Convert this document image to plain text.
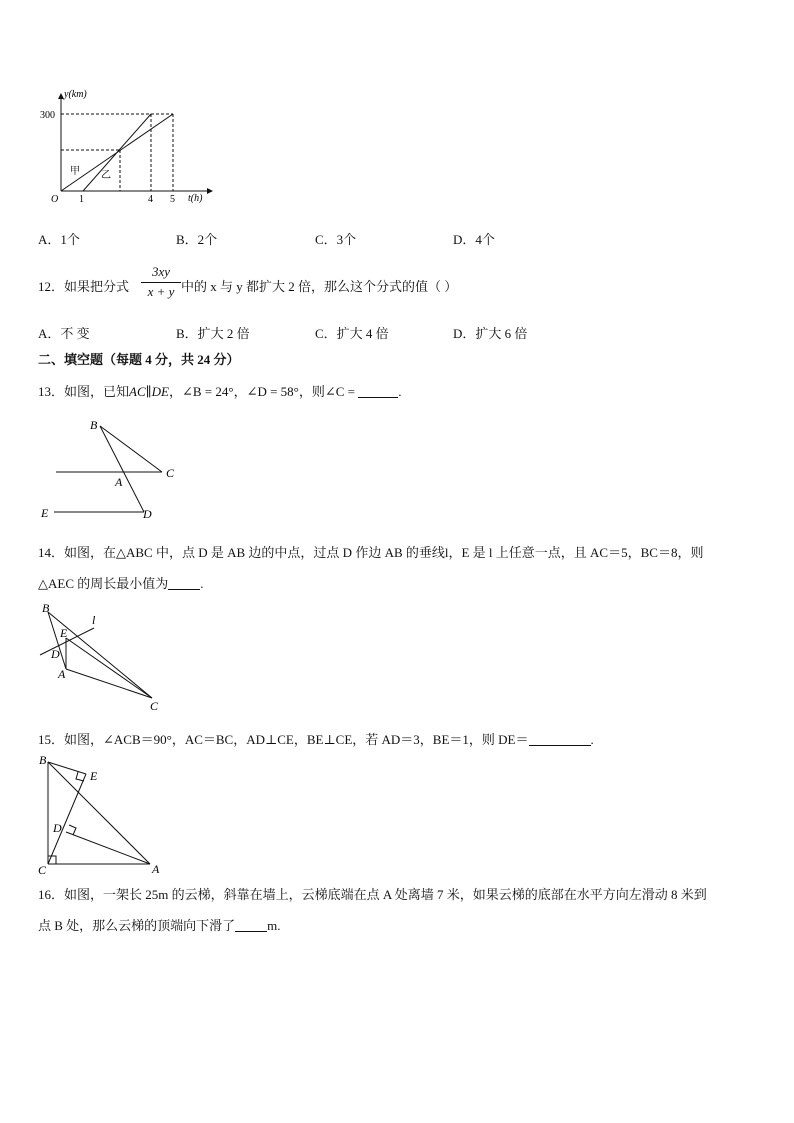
y(km)
300
O 1	4 5 t(h)
甲 乙
A．1个	B．2个	C．3个	D．4个
12．如果把分式
3xy
x + y 中的 x 与 y 都扩大 2 倍，那么这个分式的值（ ）
A．不 变	B．扩大 2 倍	C．扩大 4 倍	D．扩大 6 倍
二、填空题（每题 4 分，共 24 分）
13．如图，已知AC∥DE，∠B = 24°，∠D = 58°，则∠C =	.
B
C
A
E	D
14．如图，在△ABC 中，点 D 是 AB 边的中点，过点 D 作边 AB 的垂线l，E 是 l 上任意一点，且 AC＝5，BC＝8，则
△AEC 的周长最小值为 .
B
l
E
D
A
C
15．如图，∠ACB＝90°，AC＝BC，AD⊥CE，BE⊥CE，若 AD＝3，BE＝1，则 DE＝	.
B
E
D
C	A
16．如图，一架长 25m 的云梯，斜靠在墙上，云梯底端在点 A 处离墙 7 米，如果云梯的底部在水平方向左滑动 8 米到
点 B 处，那么云梯的顶端向下滑了 m.
